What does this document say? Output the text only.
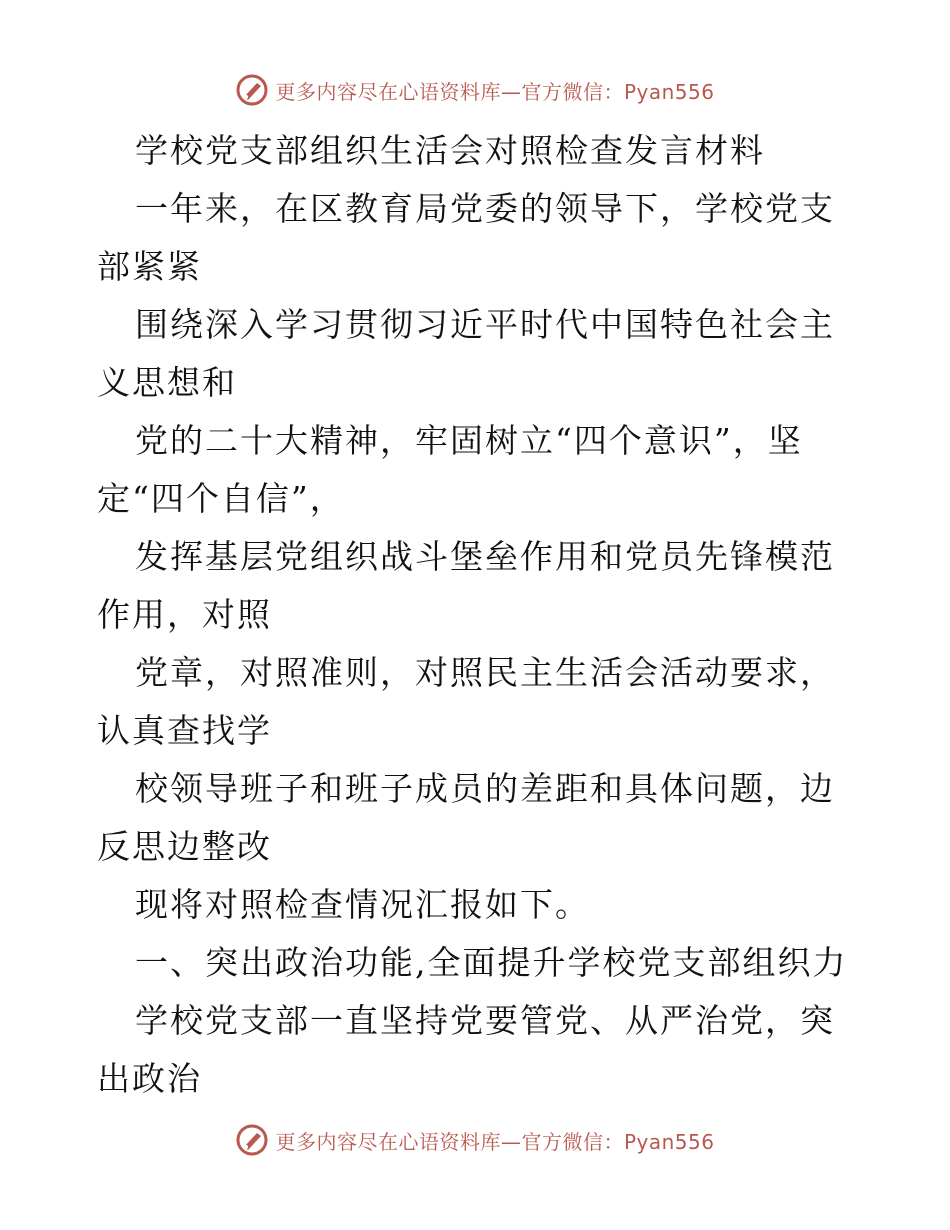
更多内容尽在心语资料库—官方微信：Pyan556

学校党支部组织生活会对照检查发言材料

一年来，在区教育局党委的领导下，学校党支部紧紧

围绕深入学习贯彻习近平时代中国特色社会主义思想和

党的二十大精神，牢固树立“四个意识”，坚定“四个自信”，

发挥基层党组织战斗堡垒作用和党员先锋模范作用，对照

党章，对照准则，对照民主生活会活动要求，认真查找学

校领导班子和班子成员的差距和具体问题，边反思边整改

现将对照检查情况汇报如下。

一、突出政治功能,全面提升学校党支部组织力

学校党支部一直坚持党要管党、从严治党，突出政治

更多内容尽在心语资料库—官方微信：Pyan556
